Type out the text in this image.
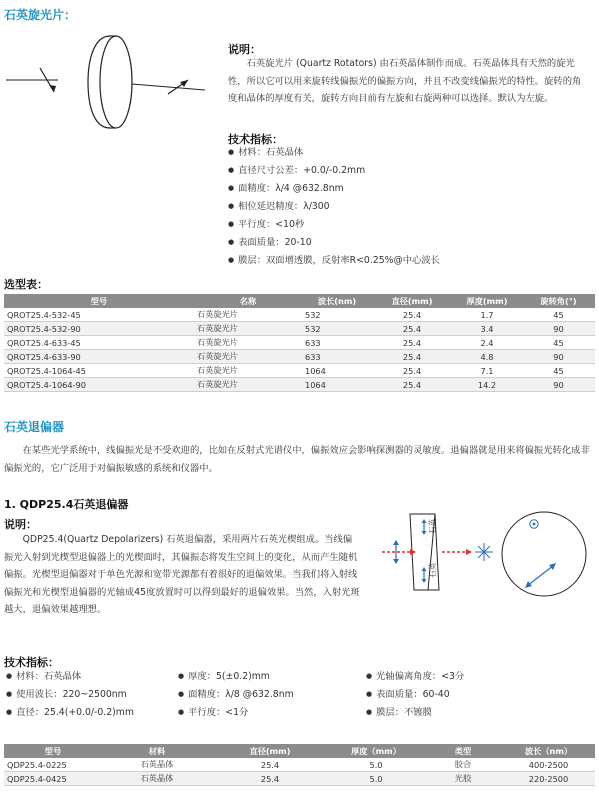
石英旋光片：
说明：
石英旋光片 (Quartz Rotators) 由石英晶体制作而成。石英晶体具有天然的旋光性，所以它可以用来旋转线偏振光的偏振方向，并且不改变线偏振光的特性。旋转的角度和晶体的厚度有关，旋转方向目前有左旋和右旋两种可以选择。默认为左旋。
技术指标：
● 材料：石英晶体
● 直径尺寸公差：+0.0/-0.2mm
● 面精度：λ/4 @632.8nm
● 相位延迟精度：λ/300
● 平行度：<10秒
● 表面质量：20-10
● 膜层：双面增透膜，反射率R<0.25%@中心波长
选型表：
型号	名称	波长(nm)	直径(mm)	厚度(mm)	旋转角(°)
QROT25.4-532-45	石英旋光片	532	25.4	1.7	45
QROT25.4-532-90	石英旋光片	532	25.4	3.4	90
QROT25.4-633-45	石英旋光片	633	25.4	2.4	45
QROT25.4-633-90	石英旋光片	633	25.4	4.8	90
QROT25.4-1064-45	石英旋光片	1064	25.4	7.1	45
QROT25.4-1064-90	石英旋光片	1064	25.4	14.2	90
石英退偏器
在某些光学系统中，线偏振光是不受欢迎的，比如在反射式光谱仪中，偏振效应会影响探测器的灵敏度。退偏器就是用来将偏振光转化成非偏振光的，它广泛用于对偏振敏感的系统和仪器中。
1. QDP25.4石英退偏器
说明：
QDP25.4(Quartz Depolarizers) 石英退偏器，采用两片石英光楔组成。当线偏振光入射到光楔型退偏器上的光楔面时，其偏振态将发生空间上的变化，从而产生随机偏振。光楔型退偏器对于单色光源和宽带光源都有着很好的退偏效果。当我们将入射线偏振光和光楔型退偏器的光轴成45度放置时可以得到最好的退偏效果。当然，入射光斑越大，退偏效果越理想。
石英
石英
技术指标：
● 材料：石英晶体
● 使用波长：220~2500nm
● 直径：25.4(+0.0/-0.2)mm
● 厚度：5(±0.2)mm
● 面精度：λ/8 @632.8nm
● 平行度：<1分
● 光轴偏离角度：<3分
● 表面质量：60-40
● 膜层：不镀膜
型号	材料	直径(mm)	厚度（mm）	类型	波长（nm）
QDP25.4-0225	石英晶体	25.4	5.0	胶合	400-2500
QDP25.4-0425	石英晶体	25.4	5.0	光胶	220-2500
